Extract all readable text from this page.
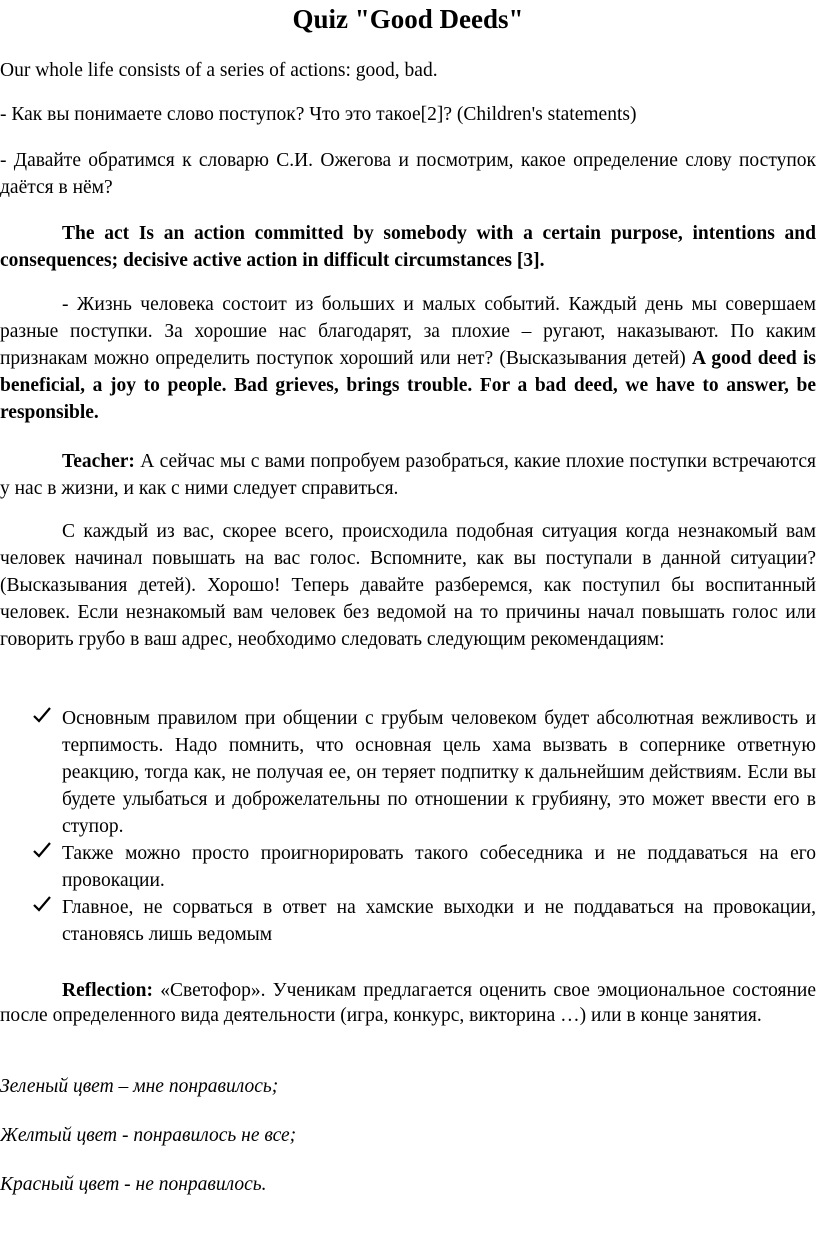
Quiz "Good Deeds"

Our whole life consists of a series of actions: good, bad.

- Как вы понимаете слово поступок? Что это такое[2]? (Children's statements)

- Давайте обратимся к словарю С.И. Ожегова и посмотрим, какое определение слову поступок даётся в нём?

The act Is an action committed by somebody with a certain purpose, intentions and consequences; decisive active action in difficult circumstances [3].

- Жизнь человека состоит из больших и малых событий. Каждый день мы совершаем разные поступки. За хорошие нас благодарят, за плохие – ругают, наказывают. По каким признакам можно определить поступок хороший или нет? (Высказывания детей) A good deed is beneficial, a joy to people. Bad grieves, brings trouble. For a bad deed, we have to answer, be responsible.

Teacher: А сейчас мы с вами попробуем разобраться, какие плохие поступки встречаются у нас в жизни, и как с ними следует справиться.

С каждый из вас, скорее всего, происходила подобная ситуация когда незнакомый вам человек начинал повышать на вас голос. Вспомните, как вы поступали в данной ситуации? (Высказывания детей). Хорошо! Теперь давайте разберемся, как поступил бы воспитанный человек. Если незнакомый вам человек без ведомой на то причины начал повышать голос или говорить грубо в ваш адрес, необходимо следовать следующим рекомендациям:

Основным правилом при общении с грубым человеком будет абсолютная вежливость и терпимость. Надо помнить, что основная цель хама вызвать в сопернике ответную реакцию, тогда как, не получая ее, он теряет подпитку к дальнейшим действиям. Если вы будете улыбаться и доброжелательны по отношении к грубияну, это может ввести его в ступор.
Также можно просто проигнорировать такого собеседника и не поддаваться на его провокации.
Главное, не сорваться в ответ на хамские выходки и не поддаваться на провокации, становясь лишь ведомым

Reflection: «Светофор». Ученикам предлагается оценить свое эмоциональное состояние после определенного вида деятельности (игра, конкурс, викторина …) или в конце занятия.

Зеленый цвет – мне понравилось;

Желтый цвет - понравилось не все;

Красный цвет - не понравилось.
